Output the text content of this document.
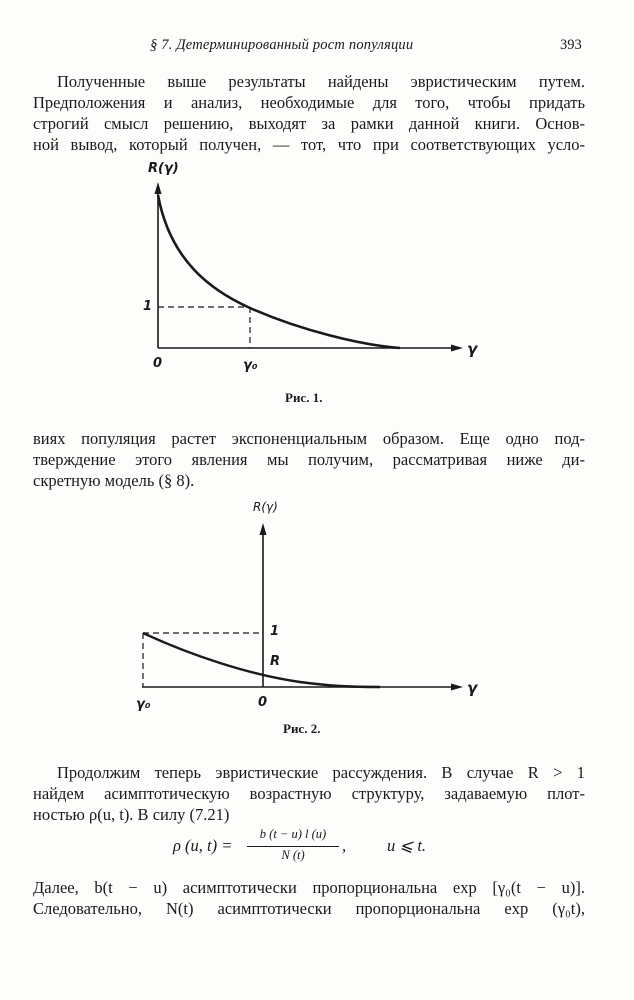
§ 7. Детерминированный рост популяции	393
Полученные выше результаты найдены эвристическим путем.
Предположения и анализ, необходимые для того, чтобы придать
строгий смысл решению, выходят за рамки данной книги. Основ-
ной вывод, который получен, — тот, что при соответствующих усло-
R(γ)
γ
0
1
γ₀
Рис. 1.
виях популяция растет экспоненциальным образом. Еще одно под-
тверждение этого явления мы получим, рассматривая ниже ди-
скретную модель (§ 8).
R(γ)
γ
0
1
R
γ₀
Рис. 2.
Продолжим теперь эвристические рассуждения. В случае R > 1
найдем асимптотическую возрастную структуру, задаваемую плот-
ностью ρ(u, t). В силу (7.21)
ρ (u, t) =
b (t − u) l (u)
N (t)	, u ⩽ t.
Далее, b(t − u) асимптотически пропорциональна exp [γ₀(t − u)].
Следовательно, N(t) асимптотически пропорциональна exp (γ₀t),
